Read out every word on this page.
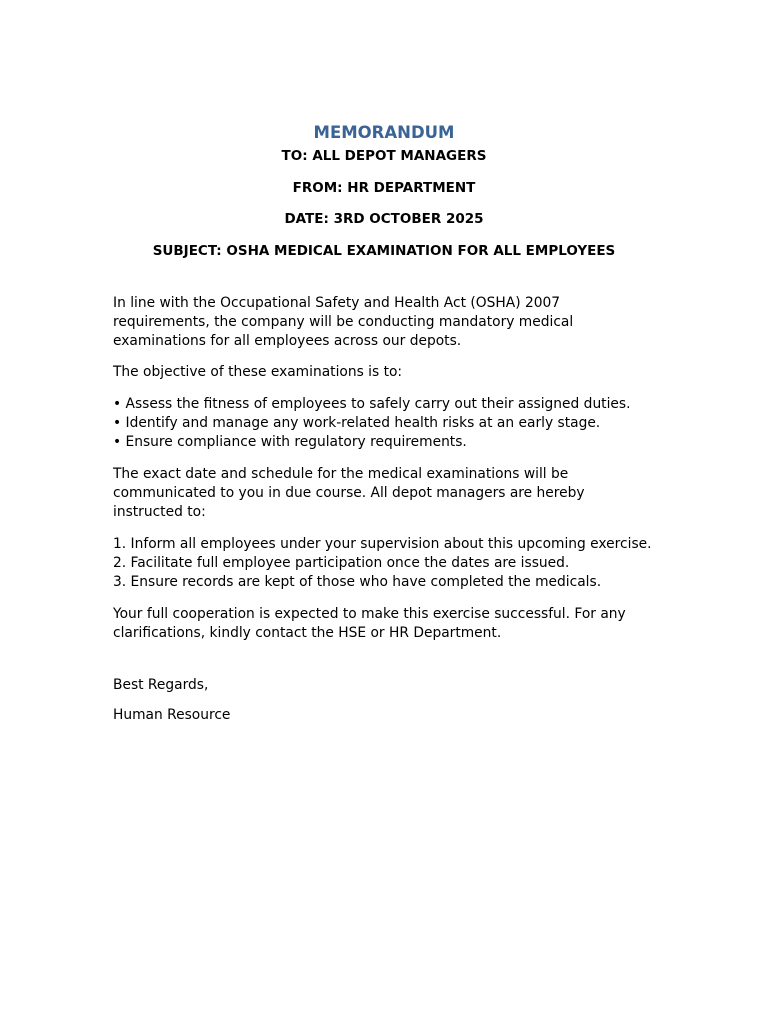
MEMORANDUM

TO: ALL DEPOT MANAGERS

FROM: HR DEPARTMENT

DATE: 3RD OCTOBER 2025

SUBJECT: OSHA MEDICAL EXAMINATION FOR ALL EMPLOYEES

In line with the Occupational Safety and Health Act (OSHA) 2007 requirements, the company will be conducting mandatory medical examinations for all employees across our depots.

The objective of these examinations is to:

• Assess the fitness of employees to safely carry out their assigned duties.
• Identify and manage any work-related health risks at an early stage.
• Ensure compliance with regulatory requirements.

The exact date and schedule for the medical examinations will be communicated to you in due course. All depot managers are hereby instructed to:

1. Inform all employees under your supervision about this upcoming exercise.
2. Facilitate full employee participation once the dates are issued.
3. Ensure records are kept of those who have completed the medicals.

Your full cooperation is expected to make this exercise successful. For any clarifications, kindly contact the HSE or HR Department.

Best Regards,

Human Resource
